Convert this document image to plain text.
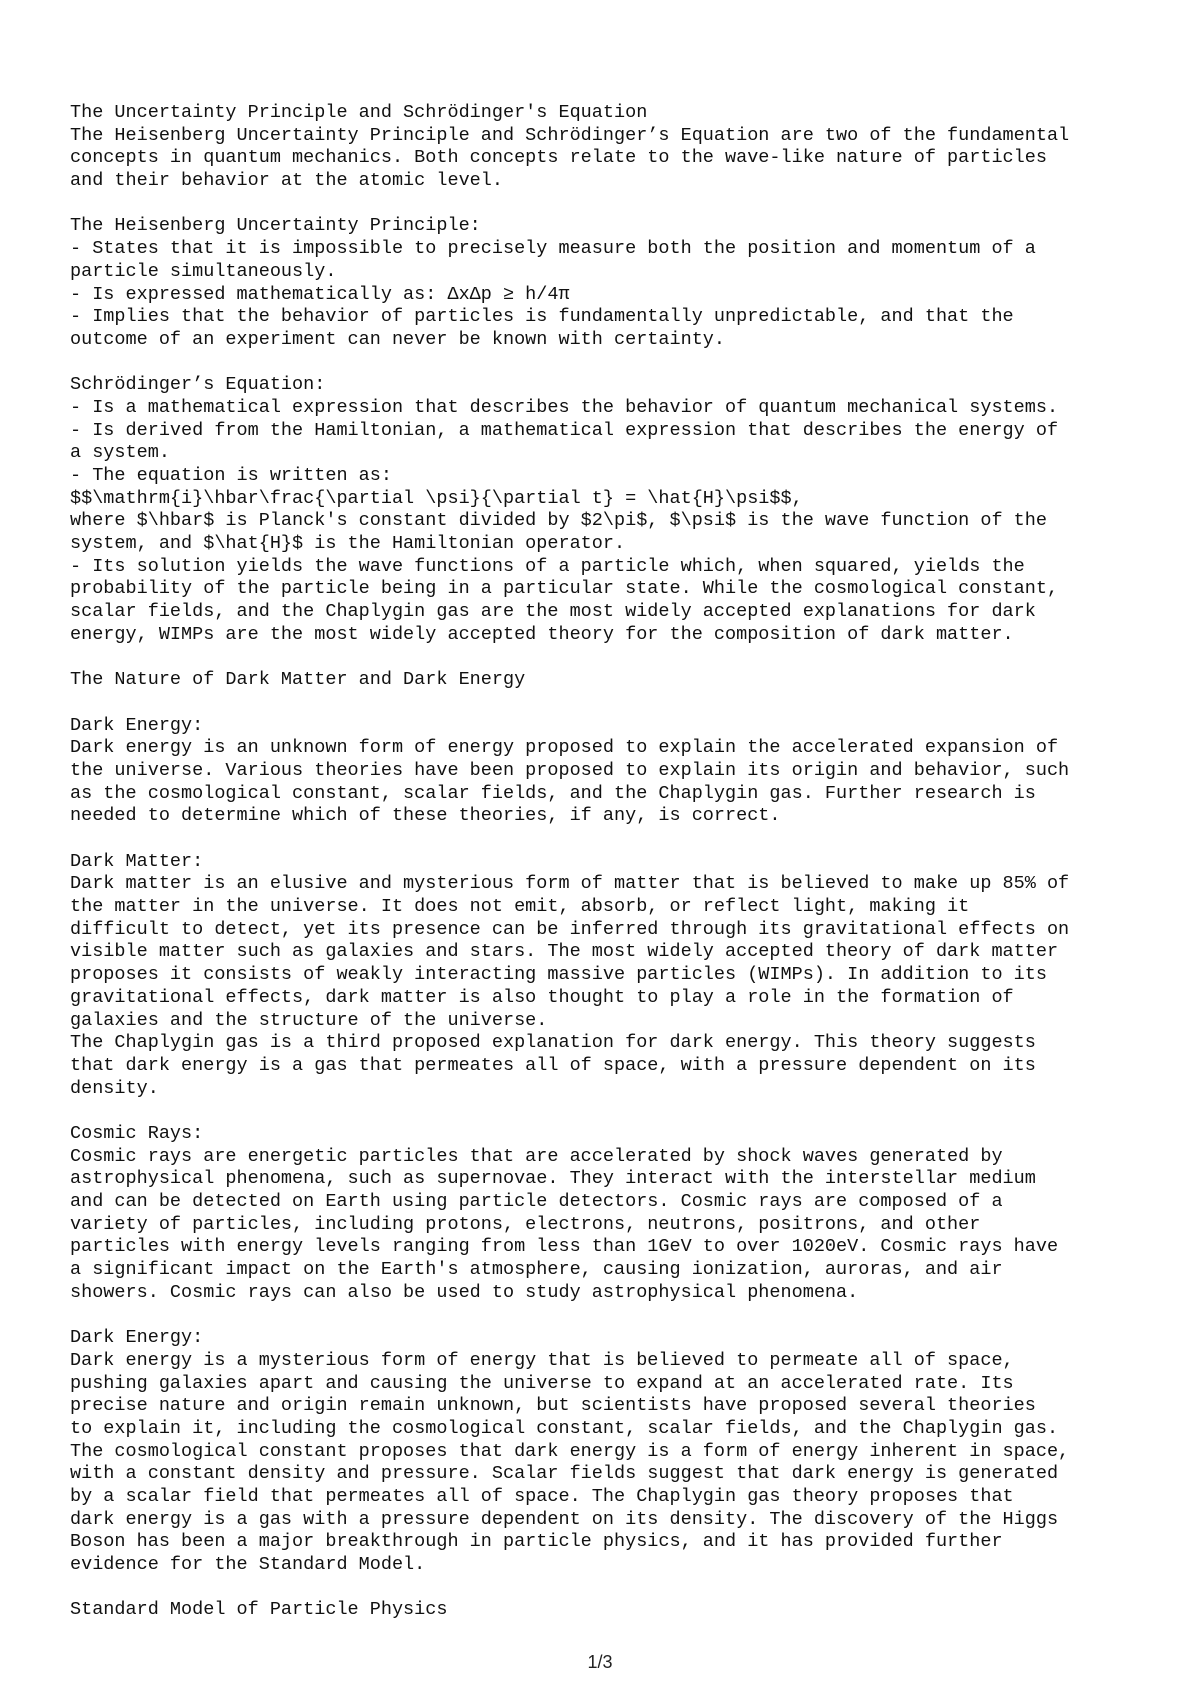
The Uncertainty Principle and Schrödinger's Equation
The Heisenberg Uncertainty Principle and Schrödinger’s Equation are two of the fundamental
concepts in quantum mechanics. Both concepts relate to the wave-like nature of particles
and their behavior at the atomic level.
The Heisenberg Uncertainty Principle:
- States that it is impossible to precisely measure both the position and momentum of a
particle simultaneously.
- Is expressed mathematically as: ΔxΔp ≥ h/4π
- Implies that the behavior of particles is fundamentally unpredictable, and that the
outcome of an experiment can never be known with certainty.
Schrödinger’s Equation:
- Is a mathematical expression that describes the behavior of quantum mechanical systems.
- Is derived from the Hamiltonian, a mathematical expression that describes the energy of
a system.
- The equation is written as:
$$\mathrm{i}\hbar\frac{\partial \psi}{\partial t} = \hat{H}\psi$$,
where $\hbar$ is Planck's constant divided by $2\pi$, $\psi$ is the wave function of the
system, and $\hat{H}$ is the Hamiltonian operator.
- Its solution yields the wave functions of a particle which, when squared, yields the
probability of the particle being in a particular state. While the cosmological constant,
scalar fields, and the Chaplygin gas are the most widely accepted explanations for dark
energy, WIMPs are the most widely accepted theory for the composition of dark matter.
The Nature of Dark Matter and Dark Energy
Dark Energy:
Dark energy is an unknown form of energy proposed to explain the accelerated expansion of
the universe. Various theories have been proposed to explain its origin and behavior, such
as the cosmological constant, scalar fields, and the Chaplygin gas. Further research is
needed to determine which of these theories, if any, is correct.
Dark Matter:
Dark matter is an elusive and mysterious form of matter that is believed to make up 85% of
the matter in the universe. It does not emit, absorb, or reflect light, making it
difficult to detect, yet its presence can be inferred through its gravitational effects on
visible matter such as galaxies and stars. The most widely accepted theory of dark matter
proposes it consists of weakly interacting massive particles (WIMPs). In addition to its
gravitational effects, dark matter is also thought to play a role in the formation of
galaxies and the structure of the universe.
The Chaplygin gas is a third proposed explanation for dark energy. This theory suggests
that dark energy is a gas that permeates all of space, with a pressure dependent on its
density.
Cosmic Rays:
Cosmic rays are energetic particles that are accelerated by shock waves generated by
astrophysical phenomena, such as supernovae. They interact with the interstellar medium
and can be detected on Earth using particle detectors. Cosmic rays are composed of a
variety of particles, including protons, electrons, neutrons, positrons, and other
particles with energy levels ranging from less than 1GeV to over 1020eV. Cosmic rays have
a significant impact on the Earth's atmosphere, causing ionization, auroras, and air
showers. Cosmic rays can also be used to study astrophysical phenomena.
Dark Energy:
Dark energy is a mysterious form of energy that is believed to permeate all of space,
pushing galaxies apart and causing the universe to expand at an accelerated rate. Its
precise nature and origin remain unknown, but scientists have proposed several theories
to explain it, including the cosmological constant, scalar fields, and the Chaplygin gas.
The cosmological constant proposes that dark energy is a form of energy inherent in space,
with a constant density and pressure. Scalar fields suggest that dark energy is generated
by a scalar field that permeates all of space. The Chaplygin gas theory proposes that
dark energy is a gas with a pressure dependent on its density. The discovery of the Higgs
Boson has been a major breakthrough in particle physics, and it has provided further
evidence for the Standard Model.
Standard Model of Particle Physics
1/3
